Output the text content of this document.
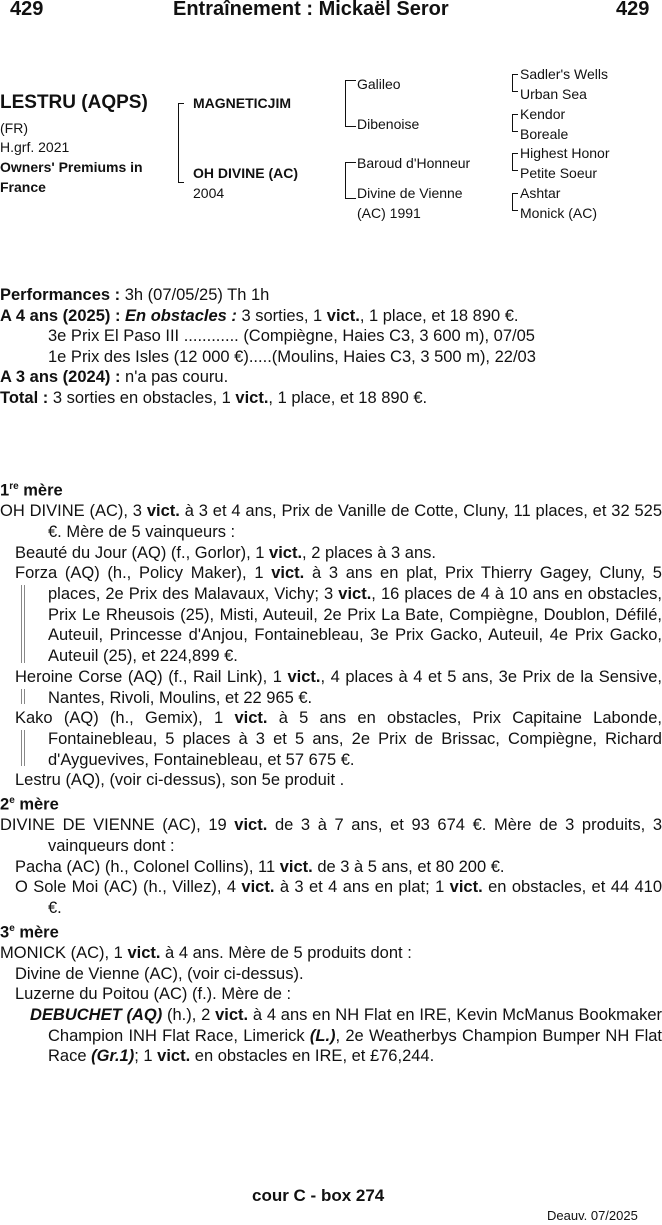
429	Entraînement : Mickaël Seror	429
LESTRU (AQPS)
(FR)
H.grf. 2021
Owners' Premiums in
France
MAGNETICJIM
OH DIVINE (AC)
2004
Galileo
Dibenoise
Baroud d'Honneur
Divine de Vienne
(AC) 1991
Sadler's Wells
Urban Sea
Kendor
Boreale
Highest Honor
Petite Soeur
Ashtar
Monick (AC)
Performances : 3h (07/05/25) Th 1h
A 4 ans (2025) : En obstacles : 3 sorties, 1 vict., 1 place, et 18 890 €.
3e Prix El Paso III ............ (Compiègne, Haies C3, 3 600 m), 07/05
1e Prix des Isles (12 000 €).....(Moulins, Haies C3, 3 500 m), 22/03
A 3 ans (2024) : n'a pas couru.
Total : 3 sorties en obstacles, 1 vict., 1 place, et 18 890 €.
1re mère
OH DIVINE (AC), 3 vict. à 3 et 4 ans, Prix de Vanille de Cotte, Cluny, 11 places, et 32 525 €. Mère de 5 vainqueurs :
Beauté du Jour (AQ) (f., Gorlor), 1 vict., 2 places à 3 ans.
Forza (AQ) (h., Policy Maker), 1 vict. à 3 ans en plat, Prix Thierry Gagey, Cluny, 5 places, 2e Prix des Malavaux, Vichy; 3 vict., 16 places de 4 à 10 ans en obstacles, Prix Le Rheusois (25), Misti, Auteuil, 2e Prix La Bate, Compiègne, Doublon, Défilé, Auteuil, Princesse d'Anjou, Fontainebleau, 3e Prix Gacko, Auteuil, 4e Prix Gacko, Auteuil (25), et 224,899 €.
Heroine Corse (AQ) (f., Rail Link), 1 vict., 4 places à 4 et 5 ans, 3e Prix de la Sensive, Nantes, Rivoli, Moulins, et 22 965 €.
Kako (AQ) (h., Gemix), 1 vict. à 5 ans en obstacles, Prix Capitaine Labonde, Fontainebleau, 5 places à 3 et 5 ans, 2e Prix de Brissac, Compiègne, Richard d'Ayguevives, Fontainebleau, et 57 675 €.
Lestru (AQ), (voir ci-dessus), son 5e produit .
2e mère
DIVINE DE VIENNE (AC), 19 vict. de 3 à 7 ans, et 93 674 €. Mère de 3 produits, 3 vainqueurs dont :
Pacha (AC) (h., Colonel Collins), 11 vict. de 3 à 5 ans, et 80 200 €.
O Sole Moi (AC) (h., Villez), 4 vict. à 3 et 4 ans en plat; 1 vict. en obstacles, et 44 410 €.
3e mère
MONICK (AC), 1 vict. à 4 ans. Mère de 5 produits dont :
Divine de Vienne (AC), (voir ci-dessus).
Luzerne du Poitou (AC) (f.). Mère de :
DEBUCHET (AQ) (h.), 2 vict. à 4 ans en NH Flat en IRE, Kevin McManus Bookmaker Champion INH Flat Race, Limerick (L.), 2e Weatherbys Champion Bumper NH Flat Race (Gr.1); 1 vict. en obstacles en IRE, et £76,244.
cour C - box 274
Deauv. 07/2025
